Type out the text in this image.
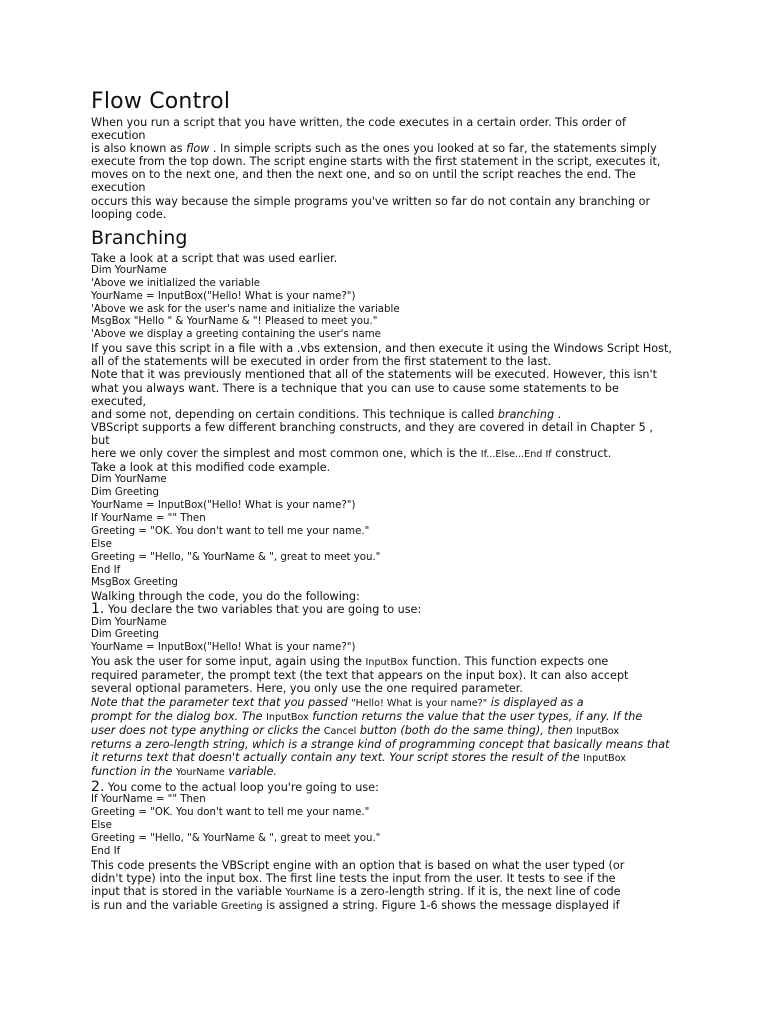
Flow Control
When you run a script that you have written, the code executes in a certain order. This order of
execution
is also known as flow . In simple scripts such as the ones you looked at so far, the statements simply
execute from the top down. The script engine starts with the first statement in the script, executes it,
moves on to the next one, and then the next one, and so on until the script reaches the end. The
execution
occurs this way because the simple programs you've written so far do not contain any branching or
looping code.
Branching
Take a look at a script that was used earlier.
Dim YourName
'Above we initialized the variable
YourName = InputBox("Hello! What is your name?")
'Above we ask for the user's name and initialize the variable
MsgBox "Hello " & YourName & "! Pleased to meet you."
'Above we display a greeting containing the user's name
If you save this script in a file with a .vbs extension, and then execute it using the Windows Script Host,
all of the statements will be executed in order from the first statement to the last.
Note that it was previously mentioned that all of the statements will be executed. However, this isn't
what you always want. There is a technique that you can use to cause some statements to be
executed,
and some not, depending on certain conditions. This technique is called branching .
VBScript supports a few different branching constructs, and they are covered in detail in Chapter 5 ,
but
here we only cover the simplest and most common one, which is the If...Else...End If construct.
Take a look at this modified code example.
Dim YourName
Dim Greeting
YourName = InputBox("Hello! What is your name?")
If YourName = "" Then
Greeting = "OK. You don't want to tell me your name."
Else
Greeting = "Hello, "& YourName & ", great to meet you."
End If
MsgBox Greeting
Walking through the code, you do the following:
1. You declare the two variables that you are going to use:
Dim YourName
Dim Greeting
YourName = InputBox("Hello! What is your name?")
You ask the user for some input, again using the InputBox function. This function expects one
required parameter, the prompt text (the text that appears on the input box). It can also accept
several optional parameters. Here, you only use the one required parameter.
Note that the parameter text that you passed "Hello! What is your name?" is displayed as a
prompt for the dialog box. The InputBox function returns the value that the user types, if any. If the
user does not type anything or clicks the Cancel button (both do the same thing), then InputBox
returns a zero-length string, which is a strange kind of programming concept that basically means that
it returns text that doesn't actually contain any text. Your script stores the result of the InputBox
function in the YourName variable.
2. You come to the actual loop you're going to use:
If YourName = "" Then
Greeting = "OK. You don't want to tell me your name."
Else
Greeting = "Hello, "& YourName & ", great to meet you."
End If
This code presents the VBScript engine with an option that is based on what the user typed (or
didn't type) into the input box. The first line tests the input from the user. It tests to see if the
input that is stored in the variable YourName is a zero-length string. If it is, the next line of code
is run and the variable Greeting is assigned a string. Figure 1-6 shows the message displayed if
